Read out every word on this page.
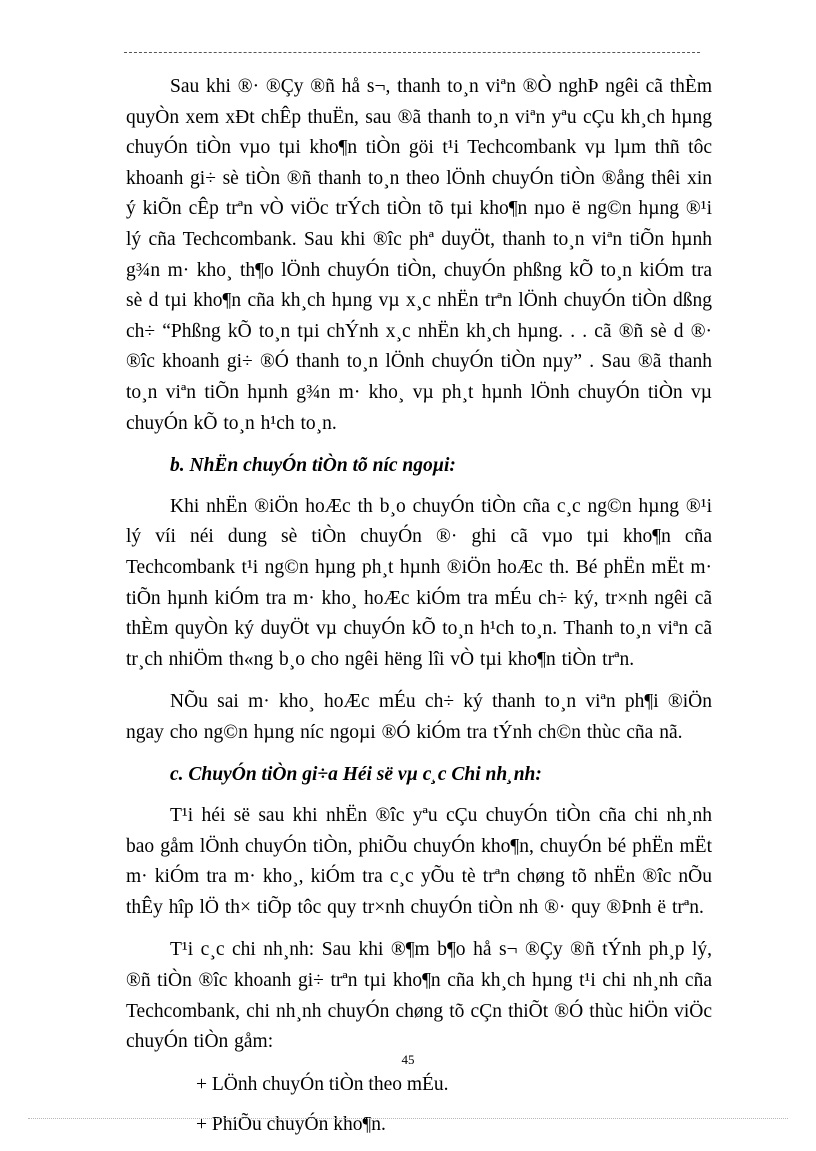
Sau khi ®· ®Çy ®ñ hå s¬, thanh to¸n viªn ®Ò nghÞ ngêi cã thÈm quyÒn xem xÐt chÊp thuËn, sau ®ã thanh to¸n viªn yªu cÇu kh¸ch hµng chuyÓn tiÒn vµo tµi kho¶n tiÒn göi t¹i Techcombank vµ lµm thñ tôc khoanh gi÷ sè tiÒn ®ñ thanh to¸n theo lÖnh chuyÓn tiÒn ®ång thêi xin ý kiÕn cÊp trªn vÒ viÖc trÝch tiÒn tõ tµi kho¶n nµo ë ng©n hµng ®¹i lý cña Techcombank. Sau khi ®îc phª duyÖt, thanh to¸n viªn tiÕn hµnh g¾n m· kho¸ th¶o lÖnh chuyÓn tiÒn, chuyÓn phßng kÕ to¸n kiÓm tra sè d tµi kho¶n cña kh¸ch hµng vµ x¸c nhËn trªn lÖnh chuyÓn tiÒn dßng ch÷ “Phßng kÕ to¸n tµi chÝnh x¸c nhËn kh¸ch hµng. . . cã ®ñ sè d ®· ®îc khoanh gi÷ ®Ó thanh to¸n lÖnh chuyÓn tiÒn nµy” . Sau ®ã thanh to¸n viªn tiÕn hµnh g¾n m· kho¸ vµ ph¸t hµnh lÖnh chuyÓn tiÒn vµ chuyÓn kÕ to¸n h¹ch to¸n.

b. NhËn chuyÓn tiÒn tõ níc ngoµi:

Khi nhËn ®iÖn hoÆc th b¸o chuyÓn tiÒn cña c¸c ng©n hµng ®¹i lý víi néi dung sè tiÒn chuyÓn ®· ghi cã vµo tµi kho¶n cña Techcombank t¹i ng©n hµng ph¸t hµnh ®iÖn hoÆc th. Bé phËn mËt m· tiÕn hµnh kiÓm tra m· kho¸ hoÆc kiÓm tra mÉu ch÷ ký, tr×nh ngêi cã thÈm quyÒn ký duyÖt vµ chuyÓn kÕ to¸n h¹ch to¸n. Thanh to¸n viªn cã tr¸ch nhiÖm th«ng b¸o cho ngêi hëng lîi vÒ tµi kho¶n tiÒn trªn.

NÕu sai m· kho¸ hoÆc mÉu ch÷ ký thanh to¸n viªn ph¶i ®iÖn ngay cho ng©n hµng níc ngoµi ®Ó kiÓm tra tÝnh ch©n thùc cña nã.

c. ChuyÓn tiÒn gi÷a Héi së vµ c¸c Chi nh¸nh:

T¹i héi së sau khi nhËn ®îc yªu cÇu chuyÓn tiÒn cña chi nh¸nh bao gåm lÖnh chuyÓn tiÒn, phiÕu chuyÓn kho¶n, chuyÓn bé phËn mËt m· kiÓm tra m· kho¸, kiÓm tra c¸c yÕu tè trªn chøng tõ nhËn ®îc nÕu thÊy hîp lÖ th× tiÕp tôc quy tr×nh chuyÓn tiÒn nh ®· quy ®Þnh ë trªn.

T¹i c¸c chi nh¸nh: Sau khi ®¶m b¶o hå s¬ ®Çy ®ñ tÝnh ph¸p lý, ®ñ tiÒn ®îc khoanh gi÷ trªn tµi kho¶n cña kh¸ch hµng t¹i chi nh¸nh cña Techcombank, chi nh¸nh chuyÓn chøng tõ cÇn thiÕt ®Ó thùc hiÖn viÖc chuyÓn tiÒn gåm:

+ LÖnh chuyÓn tiÒn theo mÉu.

+ PhiÕu chuyÓn kho¶n.

45
